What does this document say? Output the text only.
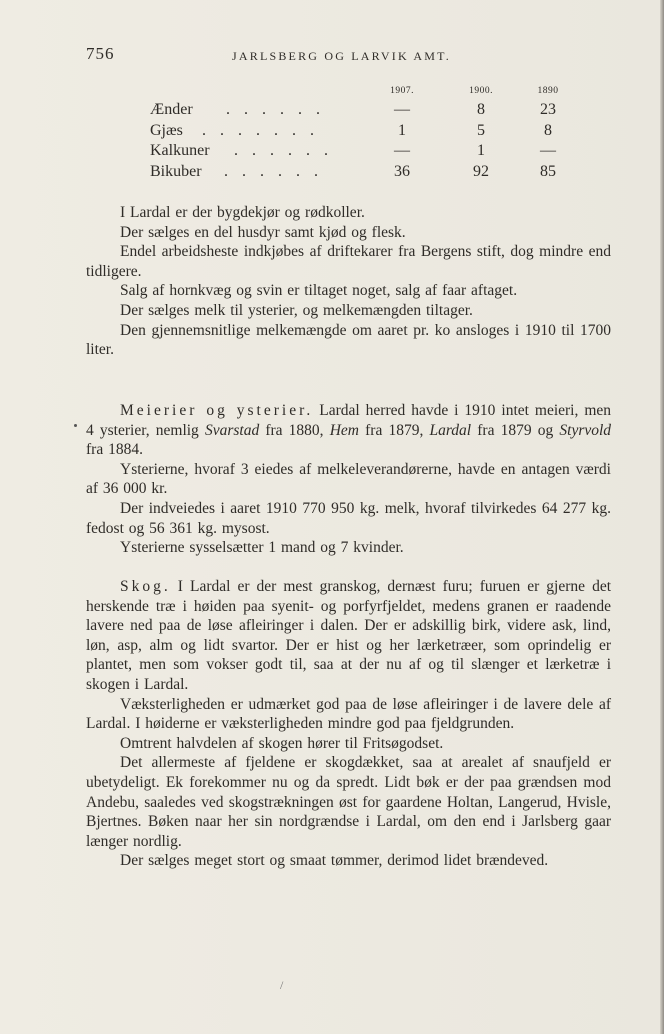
756	JARLSBERG OG LARVIK AMT.
1907.	1900.	1890
Ænder . . . . . .	—	8	23
Gjæs . . . . . . .	1	5	8
Kalkuner . . . . . .	—	1	—
Bikuber . . . . . .	36	92	85

I Lardal er der bygdekjør og rødkoller.

Der sælges en del husdyr samt kjød og flesk.

Endel arbeidsheste indkjøbes af driftekarer fra Bergens stift, dog mindre end tidligere.

Salg af hornkvæg og svin er tiltaget noget, salg af faar aftaget.

Der sælges melk til ysterier, og melkemængden tiltager.

Den gjennemsnitlige melkemængde om aaret pr. ko ansloges i 1910 til 1700 liter.

Meierier og ysterier. Lardal herred havde i 1910 intet meieri, men 4 ysterier, nemlig Svarstad fra 1880, Hem fra 1879, Lardal fra 1879 og Styrvold fra 1884.

Ysterierne, hvoraf 3 eiedes af melkeleverandørerne, havde en antagen værdi af 36 000 kr.

Der indveiedes i aaret 1910 770 950 kg. melk, hvoraf tilvirkedes 64 277 kg. fedost og 56 361 kg. mysost.

Ysterierne sysselsætter 1 mand og 7 kvinder.

Skog. I Lardal er der mest granskog, dernæst furu; furuen er gjerne det herskende træ i høiden paa syenit- og porfyrfjeldet, medens granen er raadende lavere ned paa de løse afleiringer i dalen. Der er adskillig birk, videre ask, lind, løn, asp, alm og lidt svartor. Der er hist og her lærketræer, som oprindelig er plantet, men som vokser godt til, saa at der nu af og til slænger et lærketræ i skogen i Lardal.

Væksterligheden er udmærket god paa de løse afleiringer i de lavere dele af Lardal. I høiderne er væksterligheden mindre god paa fjeldgrunden.

Omtrent halvdelen af skogen hører til Fritsøgodset.

Det allermeste af fjeldene er skogdækket, saa at arealet af snaufjeld er ubetydeligt. Ek forekommer nu og da spredt. Lidt bøk er der paa grændsen mod Andebu, saaledes ved skogstrækningen øst for gaardene Holtan, Langerud, Hvisle, Bjertnes. Bøken naar her sin nordgrændse i Lardal, om den end i Jarlsberg gaar længer nordlig.

Der sælges meget stort og smaat tømmer, derimod lidet brændeved.

/
